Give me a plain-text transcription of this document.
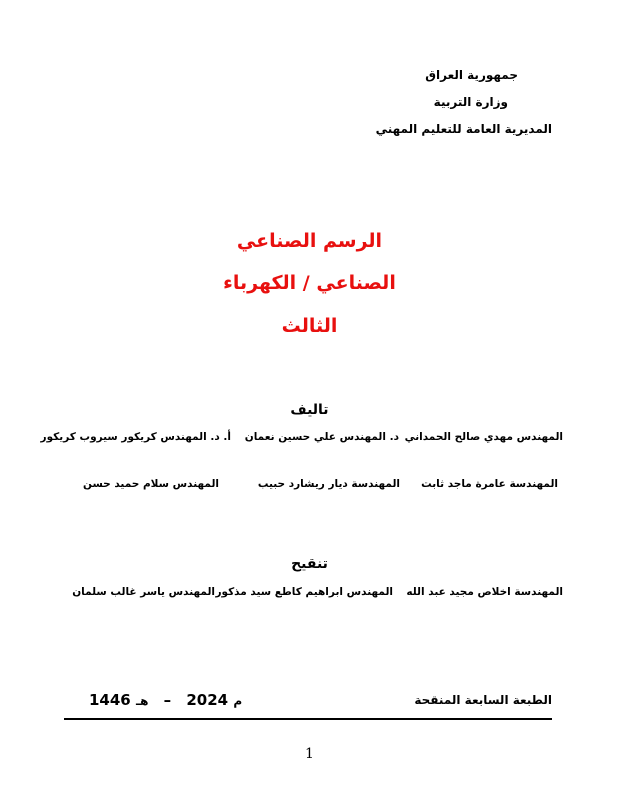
جمهورية العراق
وزارة التربية
المديرية العامة للتعليم المهني
الرسم الصناعي
الصناعي / الكهرباء
الثالث
تاليف
المهندس مهدي صالح الحمداني
د. المهندس علي حسين نعمان
أ. د. المهندس كريكور سيروب كريكور
المهندسة عامرة ماجد ثابت
المهندسة ديار ريشارد حبيب
المهندس سلام حميد حسن
تنقيح
المهندسة اخلاص مجيد عبد الله
المهندس ابراهيم كاطع سيد مذكور
المهندس ياسر غالب سلمان
الطبعة السابعة المنقحة
م 2024 – هـ 1446
1
